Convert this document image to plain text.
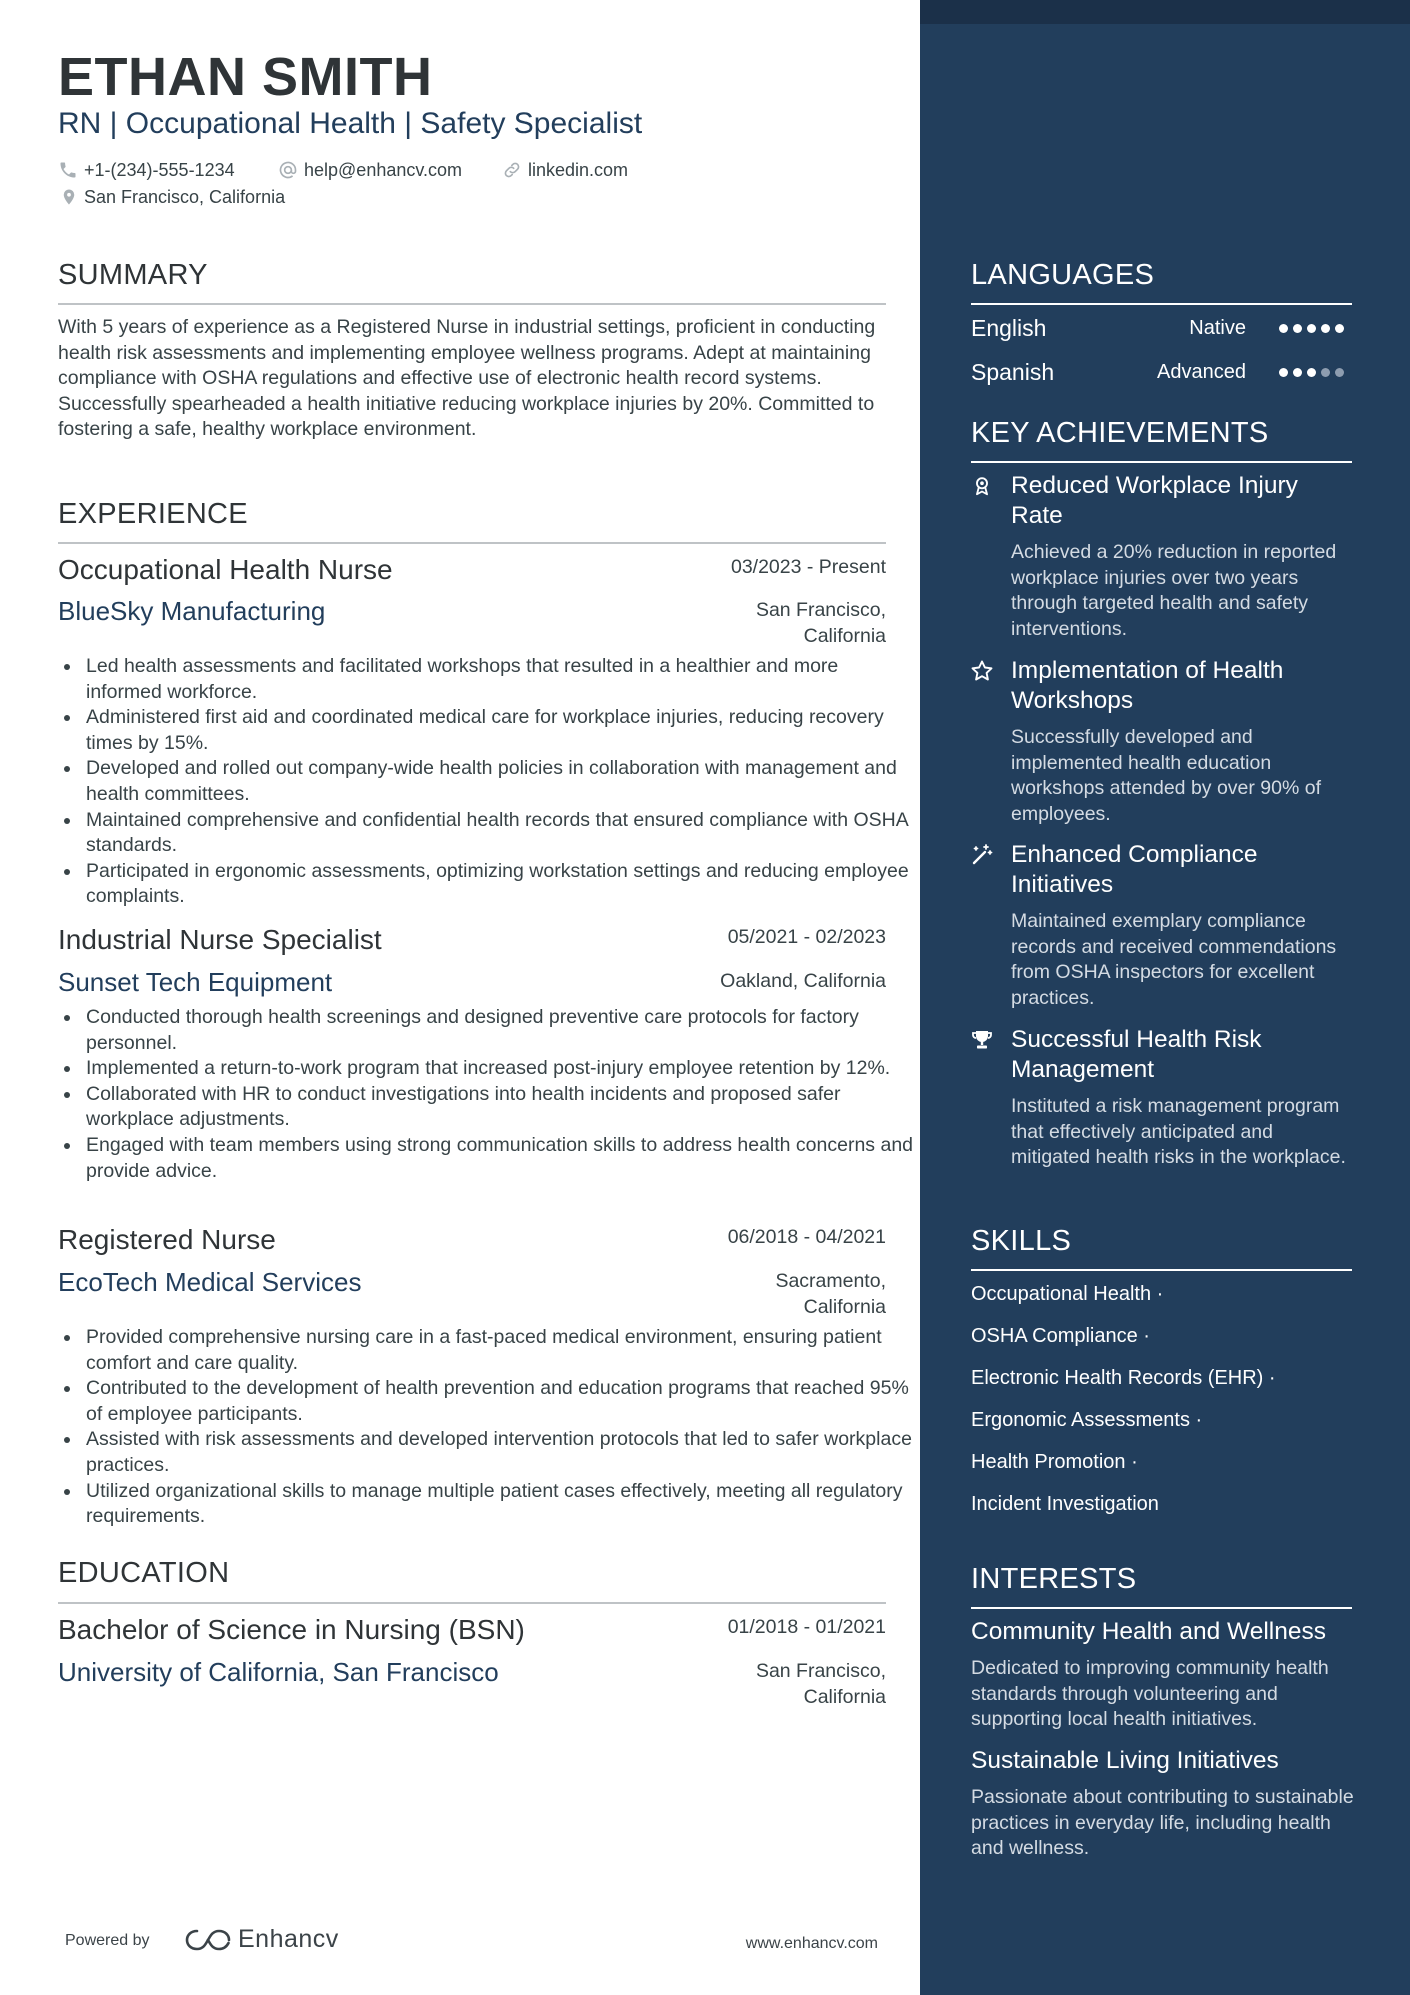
ETHAN SMITH
RN | Occupational Health | Safety Specialist
+1-(234)-555-1234	help@enhancv.com	linkedin.com
San Francisco, California
SUMMARY
With 5 years of experience as a Registered Nurse in industrial settings, proficient in conducting health risk assessments and implementing employee wellness programs. Adept at maintaining compliance with OSHA regulations and effective use of electronic health record systems. Successfully spearheaded a health initiative reducing workplace injuries by 20%. Committed to fostering a safe, healthy workplace environment.
EXPERIENCE
Occupational Health Nurse	03/2023 - Present
BlueSky Manufacturing	San Francisco, California
Led health assessments and facilitated workshops that resulted in a healthier and more informed workforce.
Administered first aid and coordinated medical care for workplace injuries, reducing recovery times by 15%.
Developed and rolled out company-wide health policies in collaboration with management and health committees.
Maintained comprehensive and confidential health records that ensured compliance with OSHA standards.
Participated in ergonomic assessments, optimizing workstation settings and reducing employee complaints.
Industrial Nurse Specialist	05/2021 - 02/2023
Sunset Tech Equipment	Oakland, California
Conducted thorough health screenings and designed preventive care protocols for factory personnel.
Implemented a return-to-work program that increased post-injury employee retention by 12%.
Collaborated with HR to conduct investigations into health incidents and proposed safer workplace adjustments.
Engaged with team members using strong communication skills to address health concerns and provide advice.
Registered Nurse	06/2018 - 04/2021
EcoTech Medical Services	Sacramento, California
Provided comprehensive nursing care in a fast-paced medical environment, ensuring patient comfort and care quality.
Contributed to the development of health prevention and education programs that reached 95% of employee participants.
Assisted with risk assessments and developed intervention protocols that led to safer workplace practices.
Utilized organizational skills to manage multiple patient cases effectively, meeting all regulatory requirements.
EDUCATION
Bachelor of Science in Nursing (BSN)	01/2018 - 01/2021
University of California, San Francisco	San Francisco, California
Powered by	Enhancv	www.enhancv.com
LANGUAGES
English	Native
Spanish	Advanced
KEY ACHIEVEMENTS
Reduced Workplace Injury Rate
Achieved a 20% reduction in reported workplace injuries over two years through targeted health and safety interventions.
Implementation of Health Workshops
Successfully developed and implemented health education workshops attended by over 90% of employees.
Enhanced Compliance Initiatives
Maintained exemplary compliance records and received commendations from OSHA inspectors for excellent practices.
Successful Health Risk Management
Instituted a risk management program that effectively anticipated and mitigated health risks in the workplace.
SKILLS
Occupational Health ·
OSHA Compliance ·
Electronic Health Records (EHR) ·
Ergonomic Assessments ·
Health Promotion ·
Incident Investigation
INTERESTS
Community Health and Wellness
Dedicated to improving community health standards through volunteering and supporting local health initiatives.
Sustainable Living Initiatives
Passionate about contributing to sustainable practices in everyday life, including health and wellness.
